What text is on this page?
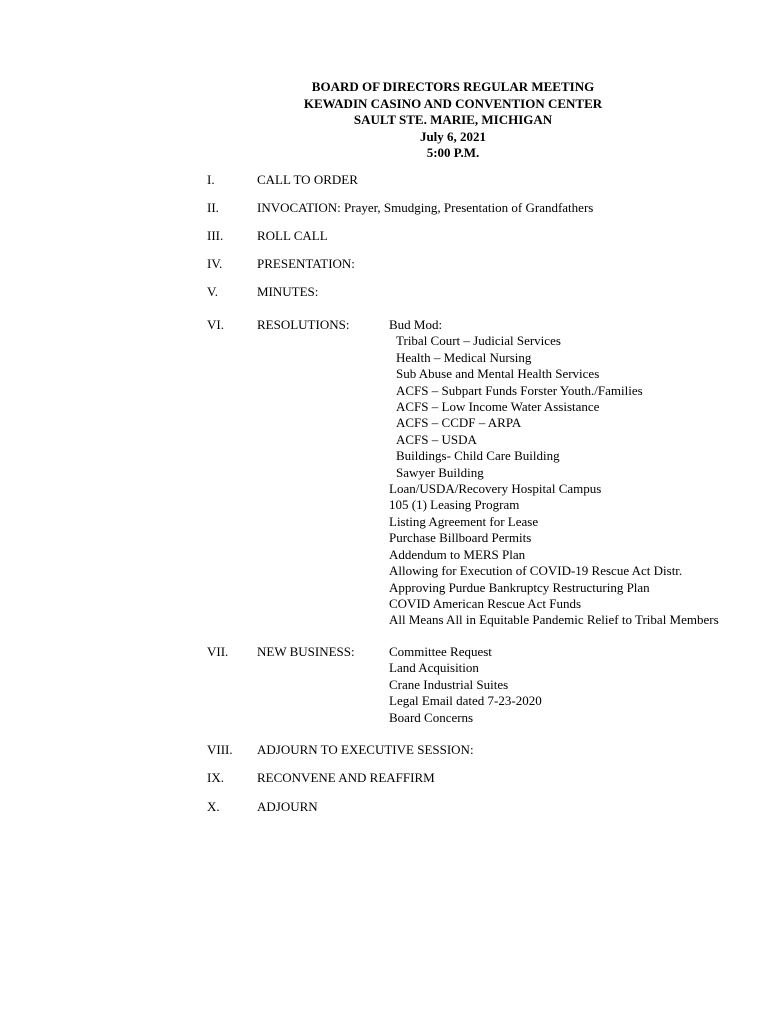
BOARD OF DIRECTORS REGULAR MEETING
KEWADIN CASINO AND CONVENTION CENTER
SAULT STE. MARIE, MICHIGAN
July 6, 2021
5:00 P.M.
I.	CALL TO ORDER
II.	INVOCATION: Prayer, Smudging, Presentation of Grandfathers
III.	ROLL CALL
IV.	PRESENTATION:
V.	MINUTES:
VI.	RESOLUTIONS:	Bud Mod:
Tribal Court – Judicial Services
Health – Medical Nursing
Sub Abuse and Mental Health Services
ACFS – Subpart Funds Forster Youth./Families
ACFS – Low Income Water Assistance
ACFS – CCDF – ARPA
ACFS – USDA
Buildings- Child Care Building
Sawyer Building
Loan/USDA/Recovery Hospital Campus
105 (1) Leasing Program
Listing Agreement for Lease
Purchase Billboard Permits
Addendum to MERS Plan
Allowing for Execution of COVID-19 Rescue Act Distr.
Approving Purdue Bankruptcy Restructuring Plan
COVID American Rescue Act Funds
All Means All in Equitable Pandemic Relief to Tribal Members
VII. NEW BUSINESS:	Committee Request
Land Acquisition
Crane Industrial Suites
Legal Email dated 7-23-2020
Board Concerns
VIII. ADJOURN TO EXECUTIVE SESSION:
IX.	RECONVENE AND REAFFIRM
X.	ADJOURN
